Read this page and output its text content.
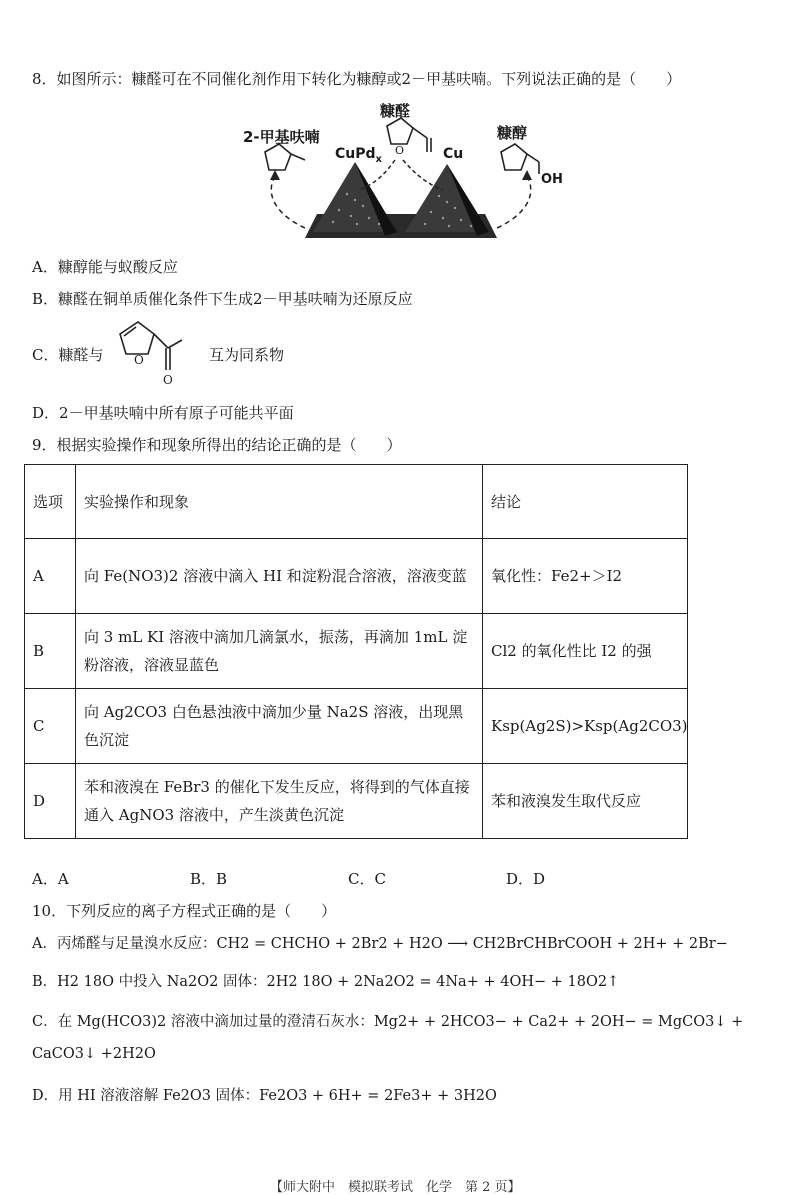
8．如图所示：糠醛可在不同催化剂作用下转化为糠醇或2－甲基呋喃。下列说法正确的是（　　）
2-甲基呋喃
糠醛
糠醇
CuPd$_x$	Cu
OH
O
A．糠醇能与蚁酸反应
B．糠醛在铜单质催化条件下生成2－甲基呋喃为还原反应
C．糠醛与	互为同系物
O
O
D．2－甲基呋喃中所有原子可能共平面
9．根据实验操作和现象所得出的结论正确的是（　　）
选项	实验操作和现象	结论
A	向 Fe(NO3)2 溶液中滴入 HI 和淀粉混合溶液，溶液变蓝	氧化性：Fe2+＞I2
B	向 3 mL KI 溶液中滴加几滴氯水，振荡，再滴加 1mL 淀粉溶液，溶液显蓝色	Cl2 的氧化性比 I2 的强
C	向 Ag2CO3 白色悬浊液中滴加少量 Na2S 溶液，出现黑色沉淀	Ksp(Ag2S)>Ksp(Ag2CO3)
D	苯和液溴在 FeBr3 的催化下发生反应，将得到的气体直接通入 AgNO3 溶液中，产生淡黄色沉淀	苯和液溴发生取代反应
A．A	B．B	C．C	D．D
10．下列反应的离子方程式正确的是（　　）
A．丙烯醛与足量溴水反应：CH2 = CHCHO + 2Br2 + H2O ⟶ CH2BrCHBrCOOH + 2H+ + 2Br−
B．H2 18O 中投入 Na2O2 固体：2H2 18O + 2Na2O2 = 4Na+ + 4OH− + 18O2↑
C．在 Mg(HCO3)2 溶液中滴加过量的澄清石灰水：Mg2+ + 2HCO3− + Ca2+ + 2OH− = MgCO3↓ +
CaCO3↓ +2H2O
D．用 HI 溶液溶解 Fe2O3 固体：Fe2O3 + 6H+ = 2Fe3+ + 3H2O
【师大附中　模拟联考试　化学　第 2 页】
